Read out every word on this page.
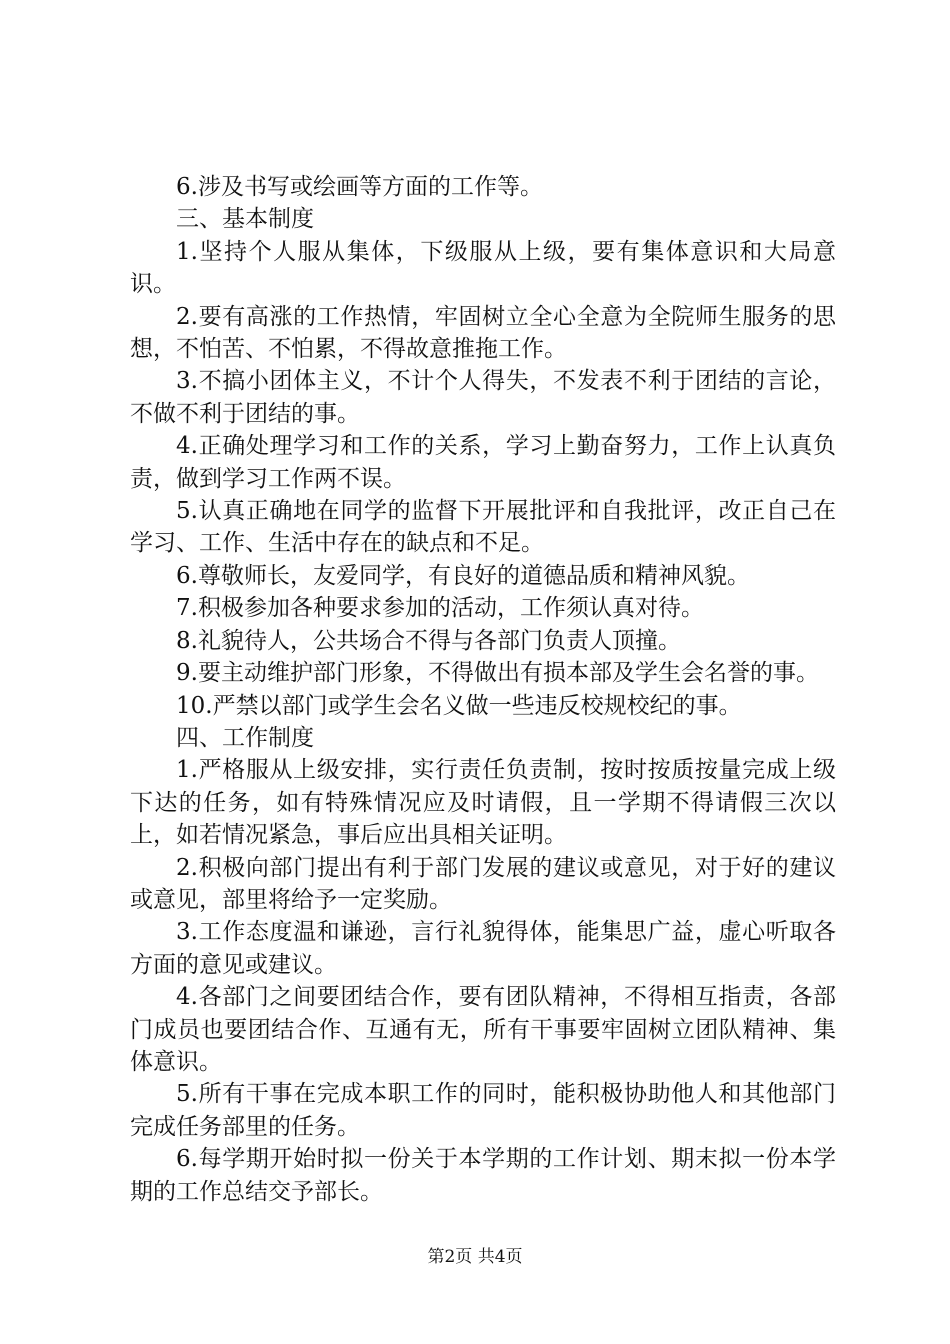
6.涉及书写或绘画等方面的工作等。

三、基本制度

1.坚持个人服从集体，下级服从上级，要有集体意识和大局意识。

2.要有高涨的工作热情，牢固树立全心全意为全院师生服务的思想，不怕苦、不怕累，不得故意推拖工作。

3.不搞小团体主义，不计个人得失，不发表不利于团结的言论，不做不利于团结的事。

4.正确处理学习和工作的关系，学习上勤奋努力，工作上认真负责，做到学习工作两不误。

5.认真正确地在同学的监督下开展批评和自我批评，改正自己在学习、工作、生活中存在的缺点和不足。

6.尊敬师长，友爱同学，有良好的道德品质和精神风貌。

7.积极参加各种要求参加的活动，工作须认真对待。

8.礼貌待人，公共场合不得与各部门负责人顶撞。

9.要主动维护部门形象，不得做出有损本部及学生会名誉的事。

10.严禁以部门或学生会名义做一些违反校规校纪的事。

四、工作制度

1.严格服从上级安排，实行责任负责制，按时按质按量完成上级下达的任务，如有特殊情况应及时请假，且一学期不得请假三次以上，如若情况紧急，事后应出具相关证明。

2.积极向部门提出有利于部门发展的建议或意见，对于好的建议或意见，部里将给予一定奖励。

3.工作态度温和谦逊，言行礼貌得体，能集思广益，虚心听取各方面的意见或建议。

4.各部门之间要团结合作，要有团队精神，不得相互指责，各部门成员也要团结合作、互通有无，所有干事要牢固树立团队精神、集体意识。

5.所有干事在完成本职工作的同时，能积极协助他人和其他部门完成任务部里的任务。

6.每学期开始时拟一份关于本学期的工作计划、期末拟一份本学期的工作总结交予部长。

第2页 共4页
